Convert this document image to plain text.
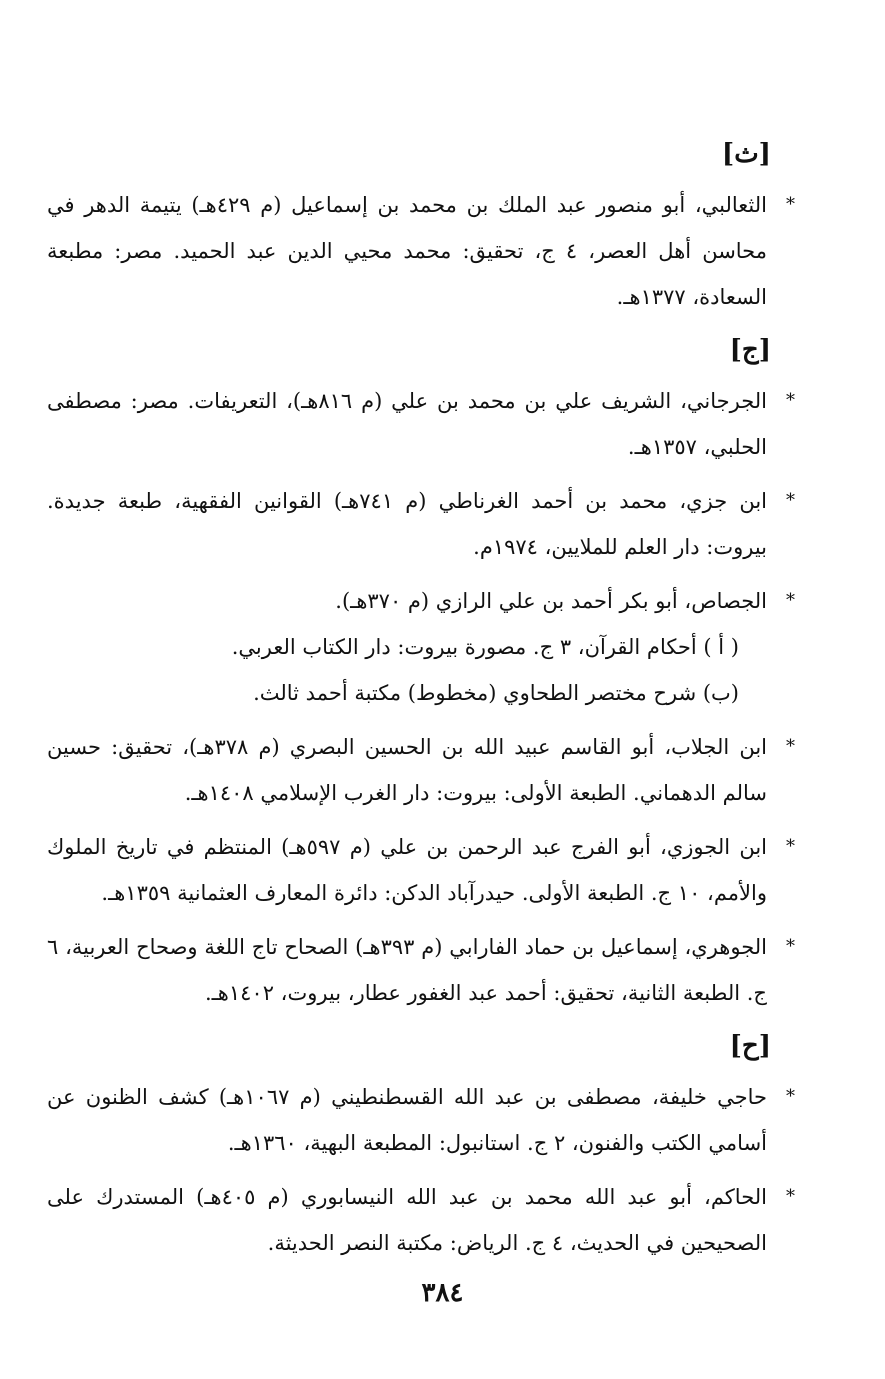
[ث]
*
الثعالبي، أبو منصور عبد الملك بن محمد بن إسماعيل (م ٤٢٩هـ) يتيمة الدهر في محاسن أهل العصر، ٤ ج، تحقيق: محمد محيي الدين عبد الحميد. مصر: مطبعة السعادة، ١٣٧٧هـ.
[ج]
*
الجرجاني، الشريف علي بن محمد بن علي (م ٨١٦هـ)، التعريفات. مصر: مصطفى الحلبي، ١٣٥٧هـ.
*
ابن جزي، محمد بن أحمد الغرناطي (م ٧٤١هـ) القوانين الفقهية، طبعة جديدة. بيروت: دار العلم للملايين، ١٩٧٤م.
*
الجصاص، أبو بكر أحمد بن علي الرازي (م ٣٧٠هـ).
( أ ) أحكام القرآن، ٣ ج. مصورة بيروت: دار الكتاب العربي.
(ب) شرح مختصر الطحاوي (مخطوط) مكتبة أحمد ثالث.
*
ابن الجلاب، أبو القاسم عبيد الله بن الحسين البصري (م ٣٧٨هـ)، تحقيق: حسين سالم الدهماني. الطبعة الأولى: بيروت: دار الغرب الإسلامي ١٤٠٨هـ.
*
ابن الجوزي، أبو الفرج عبد الرحمن بن علي (م ٥٩٧هـ) المنتظم في تاريخ الملوك والأمم، ١٠ ج. الطبعة الأولى. حيدرآباد الدكن: دائرة المعارف العثمانية ١٣٥٩هـ.
*
الجوهري، إسماعيل بن حماد الفارابي (م ٣٩٣هـ) الصحاح تاج اللغة وصحاح العربية، ٦ ج. الطبعة الثانية، تحقيق: أحمد عبد الغفور عطار، بيروت، ١٤٠٢هـ.
[ح]
*
حاجي خليفة، مصطفى بن عبد الله القسطنطيني (م ١٠٦٧هـ) كشف الظنون عن أسامي الكتب والفنون، ٢ ج. استانبول: المطبعة البهية، ١٣٦٠هـ.
*
الحاكم، أبو عبد الله محمد بن عبد الله النيسابوري (م ٤٠٥هـ) المستدرك على الصحيحين في الحديث، ٤ ج. الرياض: مكتبة النصر الحديثة.
٣٨٤
